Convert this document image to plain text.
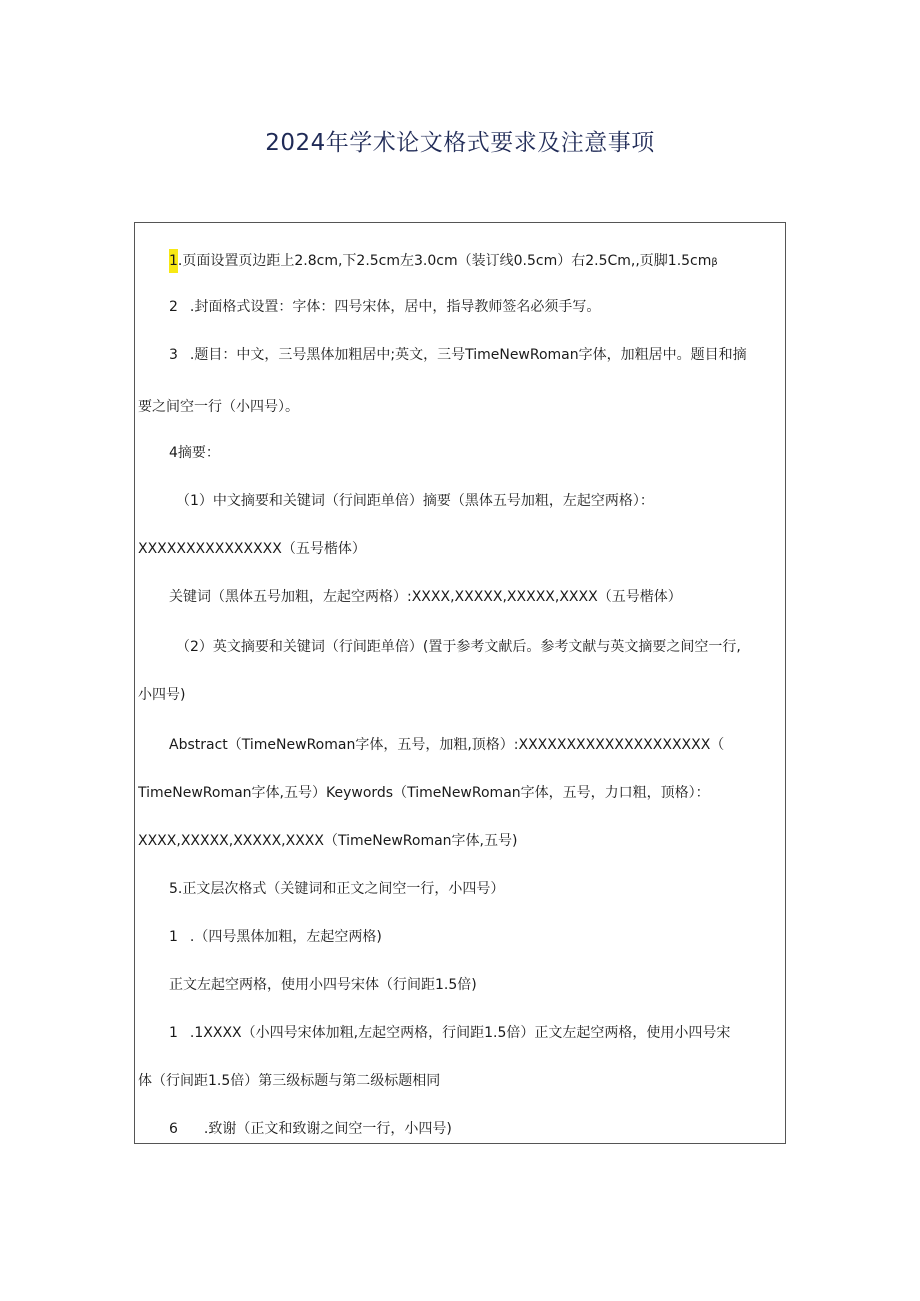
2024年学术论文格式要求及注意事项
1.页面设置页边距上2.8cm,下2.5cm左3.0cm（装订线0.5cm）右2.5Cm,,页脚1.5cmβ
2 .封面格式设置：字体：四号宋体，居中，指导教师签名必须手写。
3 .题目：中文，三号黑体加粗居中;英文，三号TimeNewRoman字体，加粗居中。题目和摘
要之间空一行（小四号）。
4摘要：
（1）中文摘要和关键词（行间距单倍）摘要（黑体五号加粗，左起空两格）：
XXXXXXXXXXXXXXX（五号楷体）
关键词（黑体五号加粗，左起空两格）:XXXX,XXXXX,XXXXX,XXXX（五号楷体）
（2）英文摘要和关键词（行间距单倍）(置于参考文献后。参考文献与英文摘要之间空一行,
小四号)
Abstract（TimeNewRoman字体，五号，加粗,顶格）:XXXXXXXXXXXXXXXXXXXX（
TimeNewRoman字体,五号）Keywords（TimeNewRoman字体，五号，力口粗，顶格）：
XXXX,XXXXX,XXXXX,XXXX（TimeNewRoman字体,五号)
5.正文层次格式（关键词和正文之间空一行，小四号）
1 .（四号黑体加粗，左起空两格)
正文左起空两格，使用小四号宋体（行间距1.5倍)
1 .1XXXX（小四号宋体加粗,左起空两格，行间距1.5倍）正文左起空两格，使用小四号宋
体（行间距1.5倍）第三级标题与第二级标题相同
6 .致谢（正文和致谢之间空一行，小四号)
